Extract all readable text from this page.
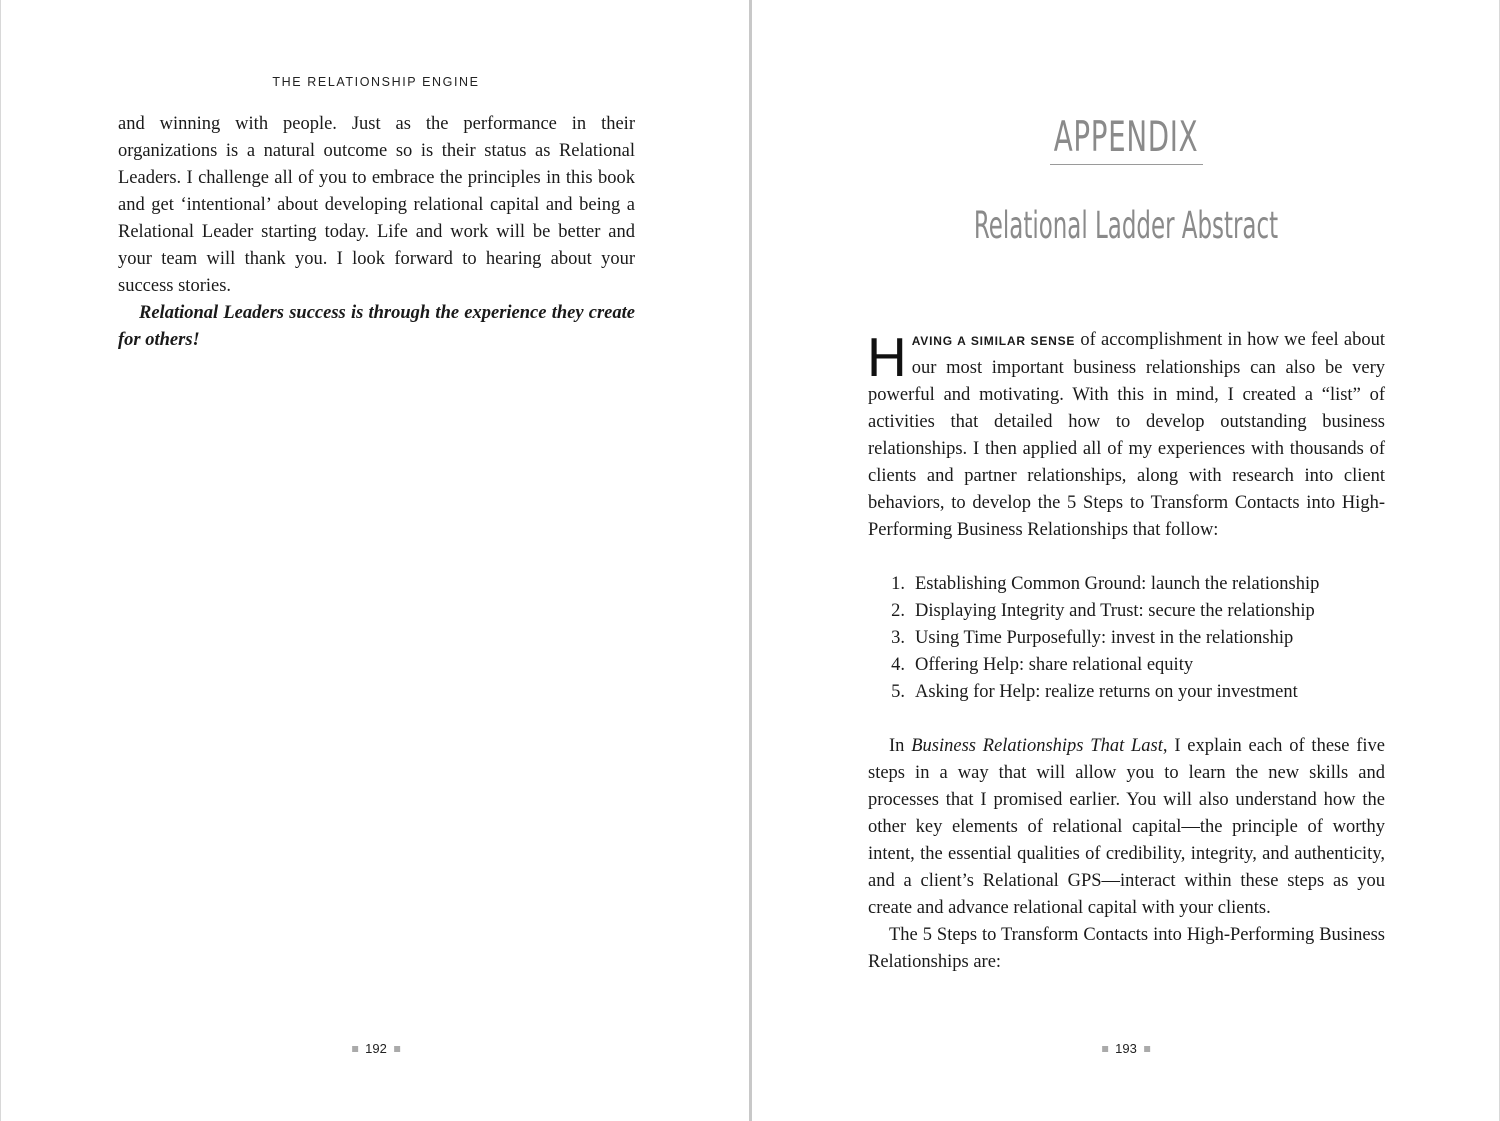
THE RELATIONSHIP ENGINE

and winning with people. Just as the performance in their organizations is a natural outcome so is their status as Relational Leaders. I challenge all of you to embrace the principles in this book and get ‘intentional’ about developing relational capital and being a Relational Leader starting today. Life and work will be better and your team will thank you. I look forward to hearing about your success stories.

Relational Leaders success is through the experience they create for others!

192
APPENDIX
Relational Ladder Abstract

HAVING A SIMILAR SENSE of accomplishment in how we feel about our most important business relationships can also be very powerful and motivating. With this in mind, I created a “list” of activities that detailed how to develop outstanding business relationships. I then applied all of my experiences with thousands of clients and partner relationships, along with research into client behaviors, to develop the 5 Steps to Transform Contacts into High-Performing Business Relationships that follow:

1. Establishing Common Ground: launch the relationship
2. Displaying Integrity and Trust: secure the relationship
3. Using Time Purposefully: invest in the relationship
4. Offering Help: share relational equity
5. Asking for Help: realize returns on your investment

In Business Relationships That Last, I explain each of these five steps in a way that will allow you to learn the new skills and processes that I promised earlier. You will also understand how the other key elements of relational capital—the principle of worthy intent, the essential qualities of credibility, integrity, and authenticity, and a client’s Relational GPS—interact within these steps as you create and advance relational capital with your clients.

The 5 Steps to Transform Contacts into High-Performing Business Relationships are:

193
